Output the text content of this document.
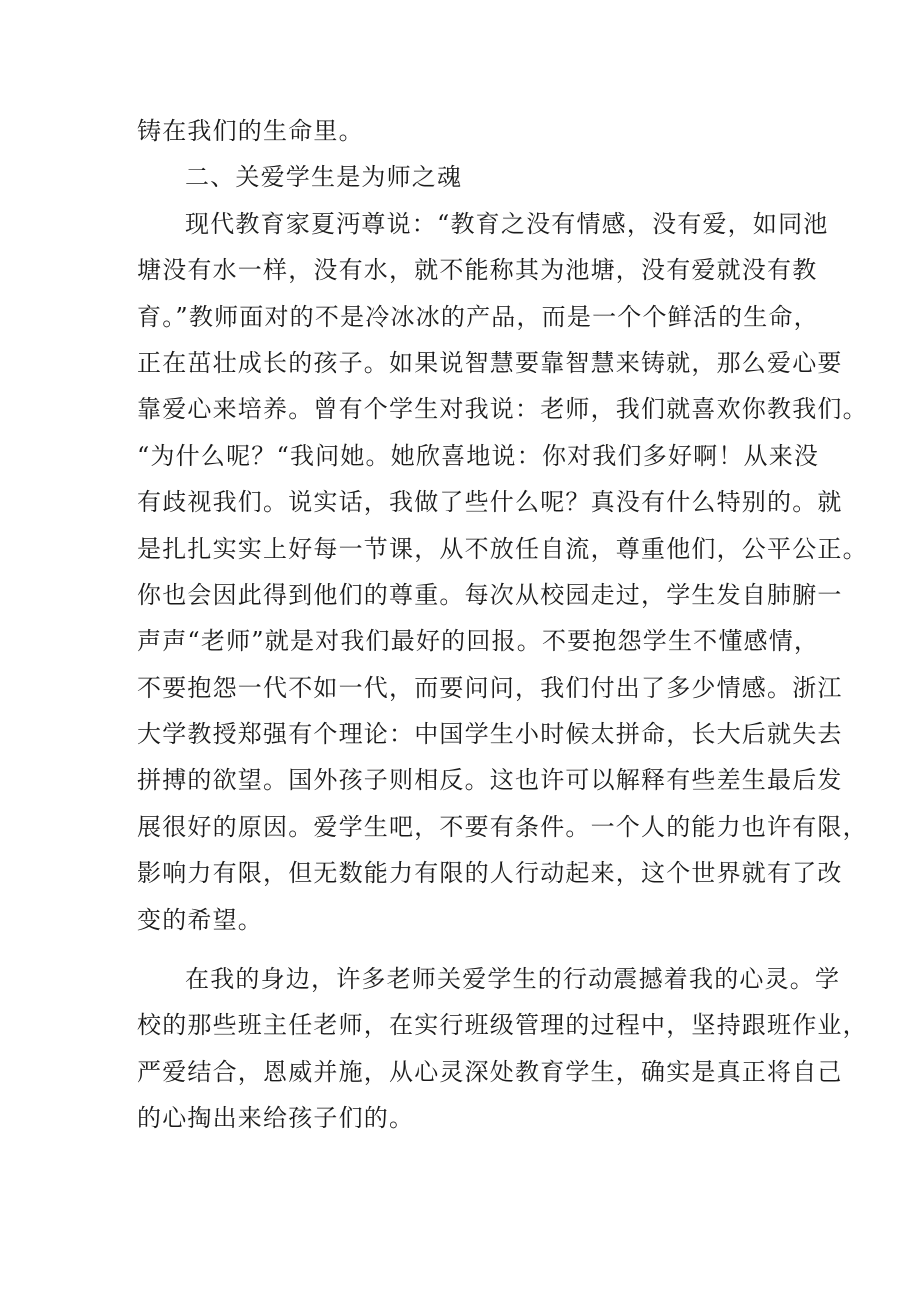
铸在我们的生命里。
二、关爱学生是为师之魂
现代教育家夏沔尊说：“教育之没有情感，没有爱，如同池
塘没有水一样，没有水，就不能称其为池塘，没有爱就没有教
育。”教师面对的不是冷冰冰的产品，而是一个个鲜活的生命，
正在茁壮成长的孩子。如果说智慧要靠智慧来铸就，那么爱心要
靠爱心来培养。曾有个学生对我说：老师，我们就喜欢你教我们。
“为什么呢？“我问她。她欣喜地说：你对我们多好啊！从来没
有歧视我们。说实话，我做了些什么呢？真没有什么特别的。就
是扎扎实实上好每一节课，从不放任自流，尊重他们，公平公正。
你也会因此得到他们的尊重。每次从校园走过，学生发自肺腑一
声声“老师”就是对我们最好的回报。不要抱怨学生不懂感情，
不要抱怨一代不如一代，而要问问，我们付出了多少情感。浙江
大学教授郑强有个理论：中国学生小时候太拼命，长大后就失去
拼搏的欲望。国外孩子则相反。这也许可以解释有些差生最后发
展很好的原因。爱学生吧，不要有条件。一个人的能力也许有限，
影响力有限，但无数能力有限的人行动起来，这个世界就有了改
变的希望。
在我的身边，许多老师关爱学生的行动震撼着我的心灵。学
校的那些班主任老师，在实行班级管理的过程中，坚持跟班作业，
严爱结合，恩威并施，从心灵深处教育学生，确实是真正将自己
的心掏出来给孩子们的。
